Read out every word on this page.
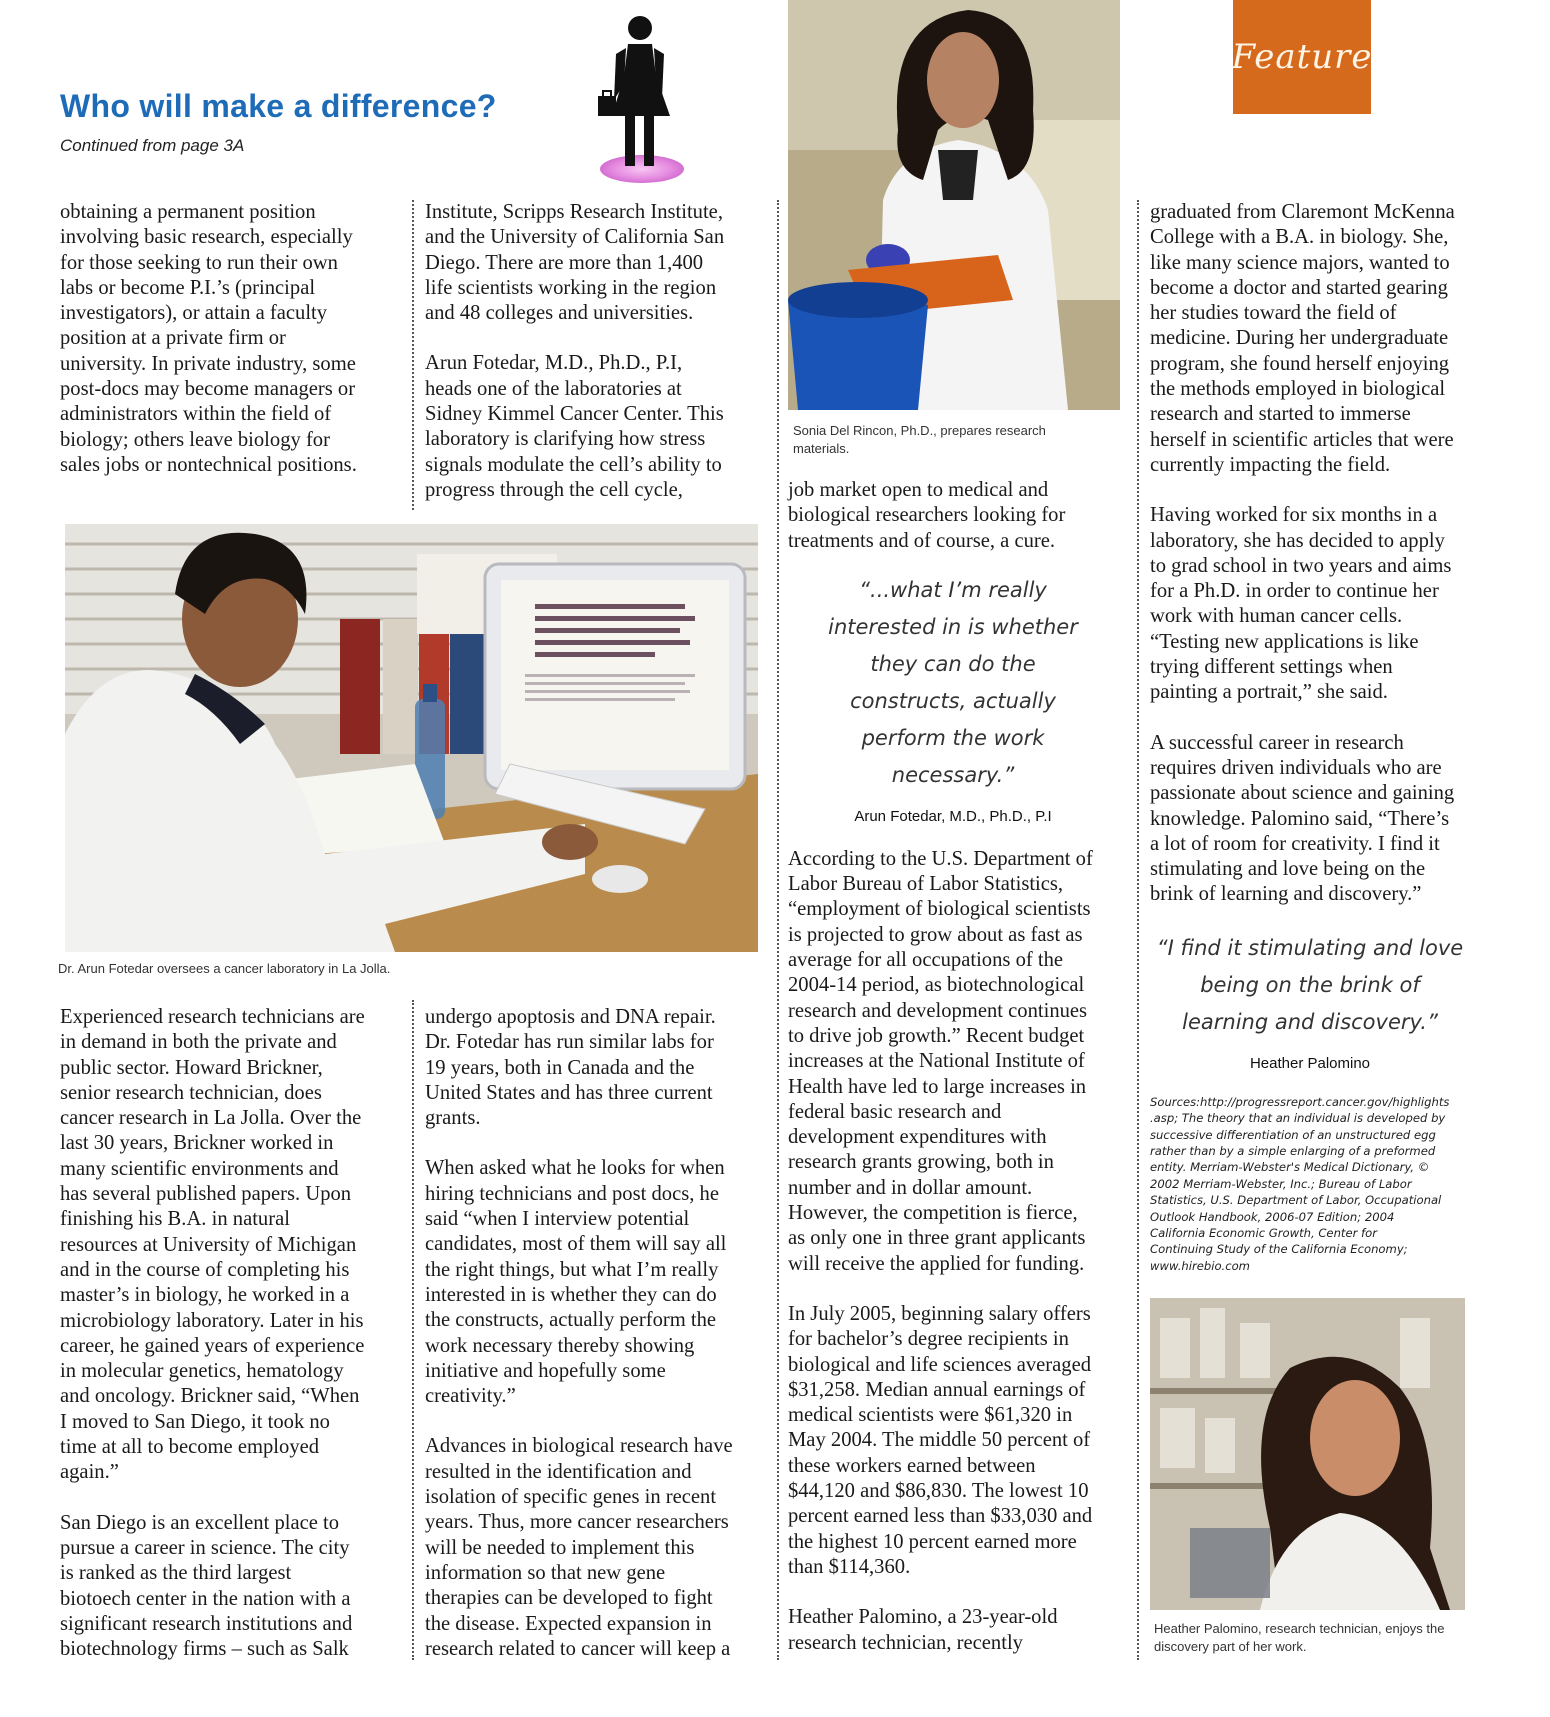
Who will make a difference?
Continued from page 3A
Feature
obtaining a permanent position
involving basic research, especially
for those seeking to run their own
labs or become P.I.’s (principal
investigators), or attain a faculty
position at a private firm or
university. In private industry, some
post-docs may become managers or
administrators within the field of
biology; others leave biology for
sales jobs or nontechnical positions.

Institute, Scripps Research Institute,
and the University of California San
Diego. There are more than 1,400
life scientists working in the region
and 48 colleges and universities.

Arun Fotedar, M.D., Ph.D., P.I,
heads one of the laboratories at
Sidney Kimmel Cancer Center. This
laboratory is clarifying how stress
signals modulate the cell’s ability to
progress through the cell cycle,

Dr. Arun Fotedar oversees a cancer laboratory in La Jolla.

Experienced research technicians are
in demand in both the private and
public sector. Howard Brickner,
senior research technician, does
cancer research in La Jolla. Over the
last 30 years, Brickner worked in
many scientific environments and
has several published papers. Upon
finishing his B.A. in natural
resources at University of Michigan
and in the course of completing his
master’s in biology, he worked in a
microbiology laboratory. Later in his
career, he gained years of experience
in molecular genetics, hematology
and oncology. Brickner said, “When
I moved to San Diego, it took no
time at all to become employed
again.”

San Diego is an excellent place to
pursue a career in science. The city
is ranked as the third largest
biotoech center in the nation with a
significant research institutions and
biotechnology firms – such as Salk

undergo apoptosis and DNA repair.
Dr. Fotedar has run similar labs for
19 years, both in Canada and the
United States and has three current
grants.

When asked what he looks for when
hiring technicians and post docs, he
said “when I interview potential
candidates, most of them will say all
the right things, but what I’m really
interested in is whether they can do
the constructs, actually perform the
work necessary thereby showing
initiative and hopefully some
creativity.”

Advances in biological research have
resulted in the identification and
isolation of specific genes in recent
years. Thus, more cancer researchers
will be needed to implement this
information so that new gene
therapies can be developed to fight
the disease. Expected expansion in
research related to cancer will keep a

Sonia Del Rincon, Ph.D., prepares research
materials.

job market open to medical and
biological researchers looking for
treatments and of course, a cure.

“...what I’m really
interested in is whether
they can do the
constructs, actually
perform the work
necessary.”

Arun Fotedar, M.D., Ph.D., P.I

According to the U.S. Department of
Labor Bureau of Labor Statistics,
“employment of biological scientists
is projected to grow about as fast as
average for all occupations of the
2004-14 period, as biotechnological
research and development continues
to drive job growth.” Recent budget
increases at the National Institute of
Health have led to large increases in
federal basic research and
development expenditures with
research grants growing, both in
number and in dollar amount.
However, the competition is fierce,
as only one in three grant applicants
will receive the applied for funding.

In July 2005, beginning salary offers
for bachelor’s degree recipients in
biological and life sciences averaged
$31,258. Median annual earnings of
medical scientists were $61,320 in
May 2004. The middle 50 percent of
these workers earned between
$44,120 and $86,830. The lowest 10
percent earned less than $33,030 and
the highest 10 percent earned more
than $114,360.

Heather Palomino, a 23-year-old
research technician, recently

graduated from Claremont McKenna
College with a B.A. in biology. She,
like many science majors, wanted to
become a doctor and started gearing
her studies toward the field of
medicine. During her undergraduate
program, she found herself enjoying
the methods employed in biological
research and started to immerse
herself in scientific articles that were
currently impacting the field.

Having worked for six months in a
laboratory, she has decided to apply
to grad school in two years and aims
for a Ph.D. in order to continue her
work with human cancer cells.
“Testing new applications is like
trying different settings when
painting a portrait,” she said.

A successful career in research
requires driven individuals who are
passionate about science and gaining
knowledge. Palomino said, “There’s
a lot of room for creativity. I find it
stimulating and love being on the
brink of learning and discovery.”

“I find it stimulating and love
being on the brink of
learning and discovery.”

Heather Palomino
Sources:http://progressreport.cancer.gov/highlights
.asp; The theory that an individual is developed by
successive differentiation of an unstructured egg
rather than by a simple enlarging of a preformed
entity. Merriam-Webster's Medical Dictionary, ©
2002 Merriam-Webster, Inc.; Bureau of Labor
Statistics, U.S. Department of Labor, Occupational
Outlook Handbook, 2006-07 Edition; 2004
California Economic Growth, Center for
Continuing Study of the California Economy;
www.hirebio.com
Heather Palomino, research technician, enjoys the
discovery part of her work.
